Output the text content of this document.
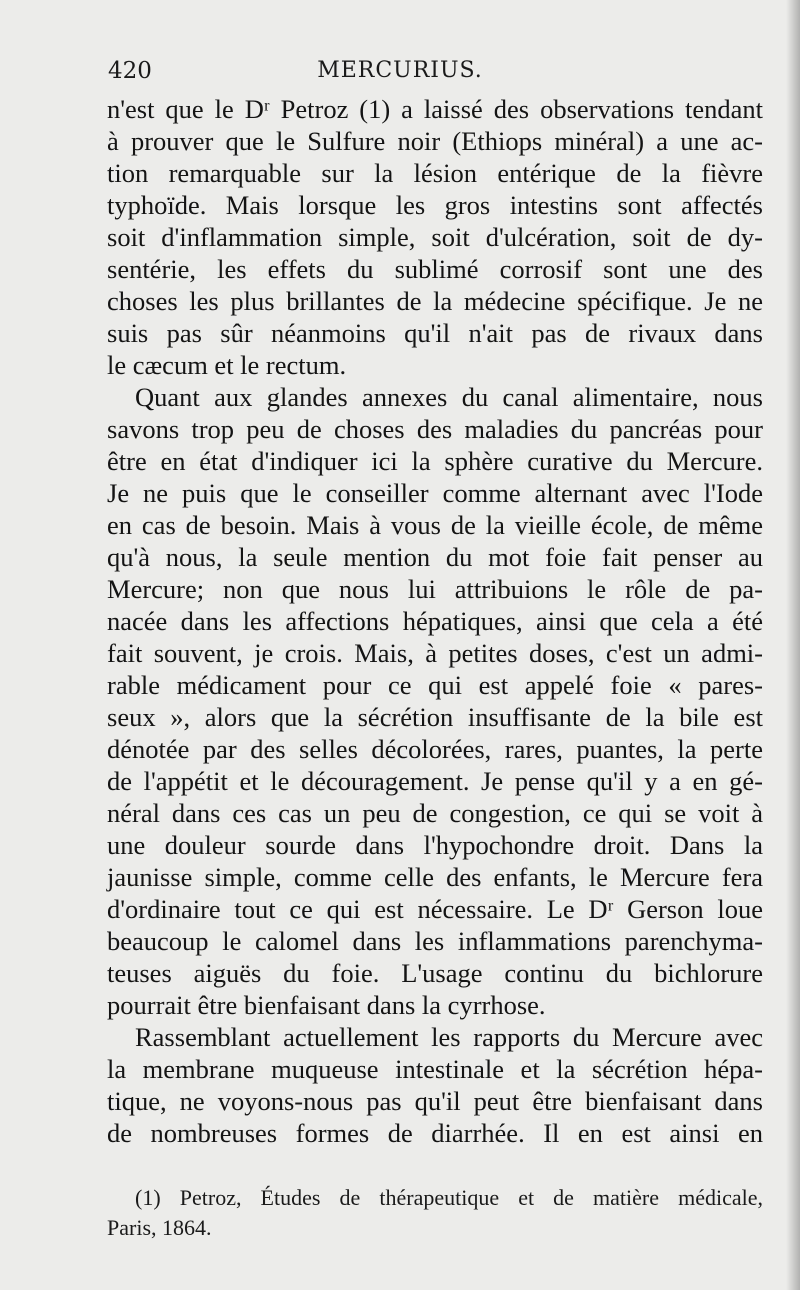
420	MERCURIUS.
n'est que le Dʳ Petroz (1) a laissé des observations tendant
à prouver que le Sulfure noir (Ethiops minéral) a une ac-
tion remarquable sur la lésion entérique de la fièvre
typhoïde. Mais lorsque les gros intestins sont affectés
soit d'inflammation simple, soit d'ulcération, soit de dy-
sentérie, les effets du sublimé corrosif sont une des
choses les plus brillantes de la médecine spécifique. Je ne
suis pas sûr néanmoins qu'il n'ait pas de rivaux dans
le cæcum et le rectum.
Quant aux glandes annexes du canal alimentaire, nous
savons trop peu de choses des maladies du pancréas pour
être en état d'indiquer ici la sphère curative du Mercure.
Je ne puis que le conseiller comme alternant avec l'Iode
en cas de besoin. Mais à vous de la vieille école, de même
qu'à nous, la seule mention du mot foie fait penser au
Mercure; non que nous lui attribuions le rôle de pa-
nacée dans les affections hépatiques, ainsi que cela a été
fait souvent, je crois. Mais, à petites doses, c'est un admi-
rable médicament pour ce qui est appelé foie « pares-
seux », alors que la sécrétion insuffisante de la bile est
dénotée par des selles décolorées, rares, puantes, la perte
de l'appétit et le découragement. Je pense qu'il y a en gé-
néral dans ces cas un peu de congestion, ce qui se voit à
une douleur sourde dans l'hypochondre droit. Dans la
jaunisse simple, comme celle des enfants, le Mercure fera
d'ordinaire tout ce qui est nécessaire. Le Dʳ Gerson loue
beaucoup le calomel dans les inflammations parenchyma-
teuses aiguës du foie. L'usage continu du bichlorure
pourrait être bienfaisant dans la cyrrhose.
Rassemblant actuellement les rapports du Mercure avec
la membrane muqueuse intestinale et la sécrétion hépa-
tique, ne voyons-nous pas qu'il peut être bienfaisant dans
de nombreuses formes de diarrhée. Il en est ainsi en
(1) Petroz, Études de thérapeutique et de matière médicale,
Paris, 1864.
